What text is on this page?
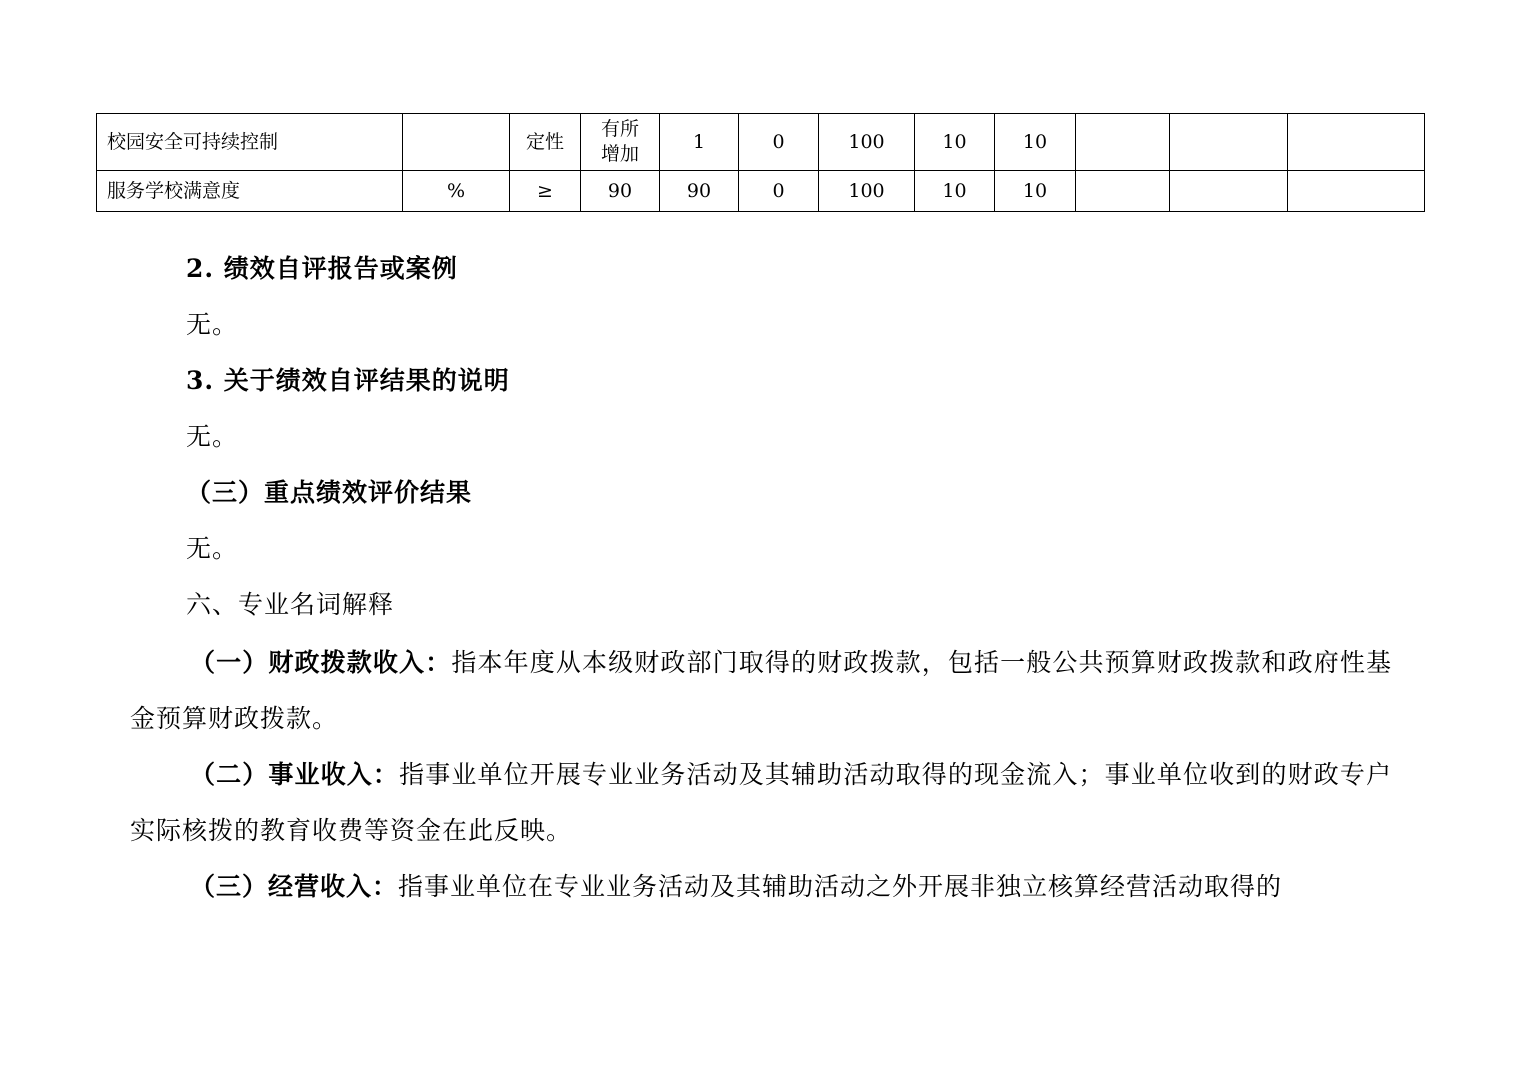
校园安全可持续控制		定性	有所增加	1	0	100	10	10			
服务学校满意度	%	≥	90	90	0	100	10	10			
2. 绩效自评报告或案例
无。
3. 关于绩效自评结果的说明
无。
（三）重点绩效评价结果
无。
六、专业名词解释
（一）财政拨款收入：指本年度从本级财政部门取得的财政拨款，包括一般公共预算财政拨款和政府性基金预算财政拨款。
（二）事业收入：指事业单位开展专业业务活动及其辅助活动取得的现金流入；事业单位收到的财政专户实际核拨的教育收费等资金在此反映。
（三）经营收入：指事业单位在专业业务活动及其辅助活动之外开展非独立核算经营活动取得的
